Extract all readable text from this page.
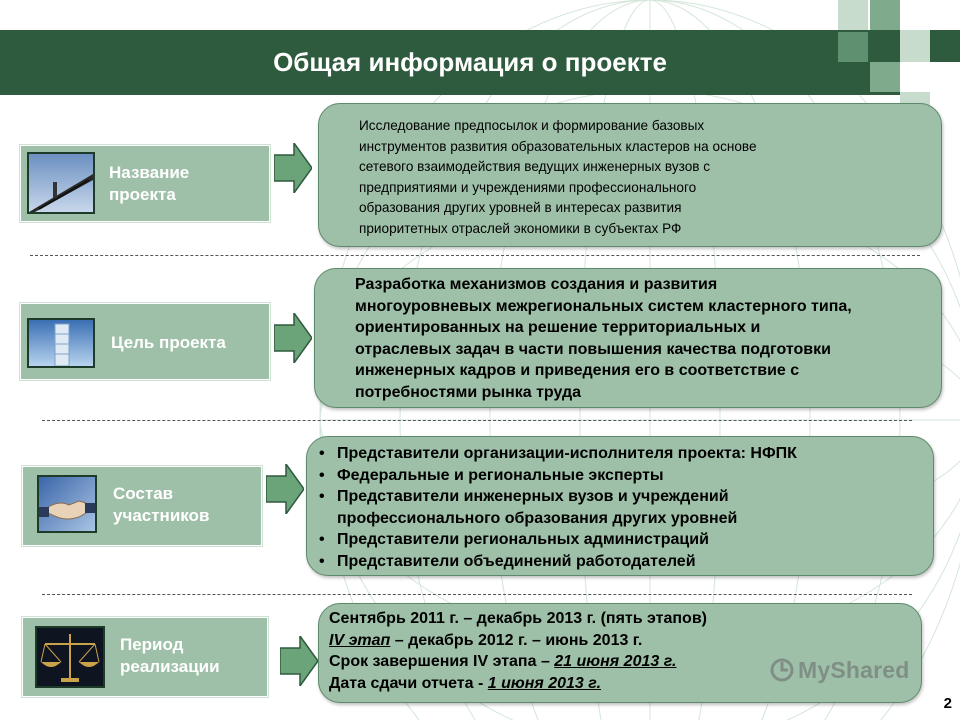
Общая информация о проекте
Название
проекта
Исследование предпосылок и формирование базовых
инструментов развития образовательных кластеров на основе
сетевого взаимодействия ведущих инженерных вузов с
предприятиями и учреждениями профессионального
образования других уровней в интересах развития
приоритетных отраслей экономики в субъектах РФ
Цель проекта
Разработка механизмов создания и развития
многоуровневых межрегиональных систем кластерного типа,
ориентированных на решение территориальных и
отраслевых задач в части повышения качества подготовки
инженерных кадров и приведения его в соответствие с
потребностями рынка труда
Состав
участников
• Представители организации-исполнителя проекта: НФПК
• Федеральные и региональные эксперты
• Представители инженерных вузов и учреждений
профессионального образования других уровней
• Представители региональных администраций
• Представители объединений работодателей
Период
реализации
Сентябрь 2011 г. – декабрь 2013 г. (пять этапов)
IV этап – декабрь 2012 г. – июнь 2013 г.
Срок завершения IV этапа – 21 июня 2013 г.
Дата сдачи отчета - 1 июня 2013 г.	MyShared
2
